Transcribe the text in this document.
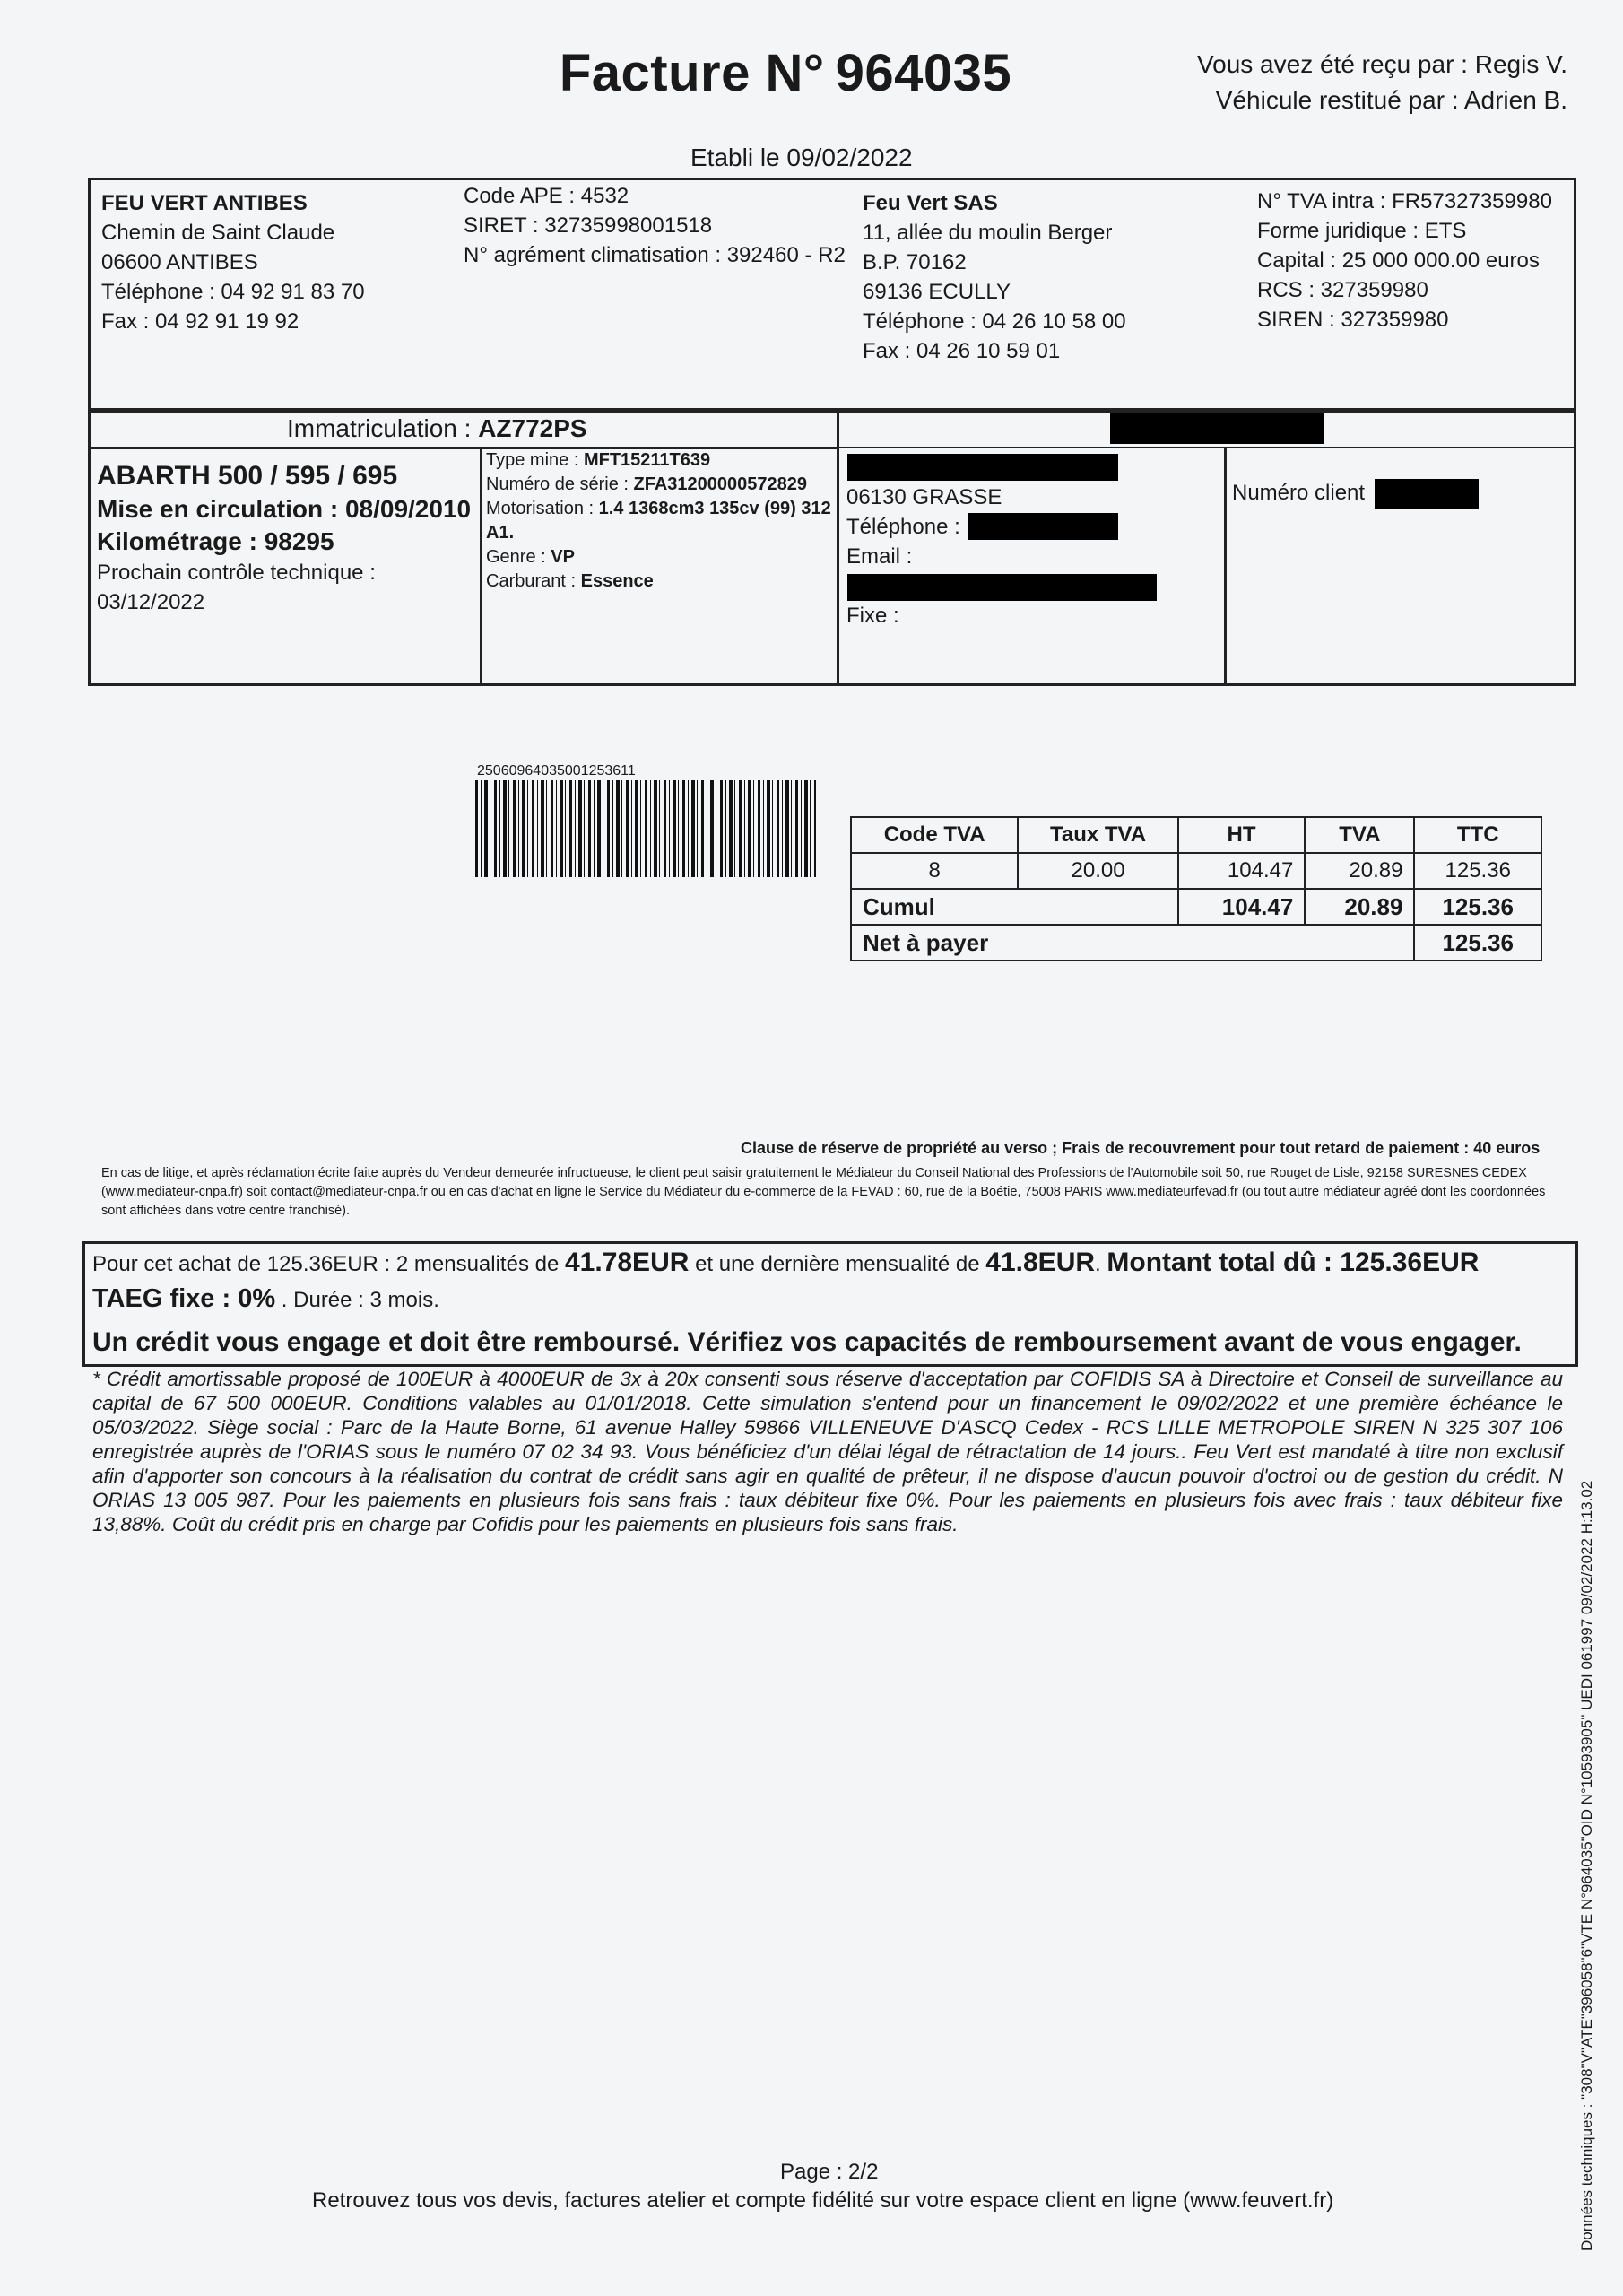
Facture N° 964035	Vous avez été reçu par : Regis V.
Véhicule restitué par : Adrien B.
Etabli le 09/02/2022
FEU VERT ANTIBES
Chemin de Saint Claude
06600 ANTIBES
Téléphone : 04 92 91 83 70
Fax : 04 92 91 19 92
Code APE : 4532
SIRET : 32735998001518
N° agrément climatisation : 392460 - R2
Feu Vert SAS
11, allée du moulin Berger
B.P. 70162
69136 ECULLY
Téléphone : 04 26 10 58 00
Fax : 04 26 10 59 01
N° TVA intra : FR57327359980
Forme juridique : ETS
Capital : 25 000 000.00 euros
RCS : 327359980
SIREN : 327359980
Immatriculation : AZ772PS
ABARTH 500 / 595 / 695
Mise en circulation : 08/09/2010
Kilométrage : 98295
Prochain contrôle technique :
03/12/2022
Type mine : MFT15211T639
Numéro de série : ZFA31200000572829
Motorisation : 1.4 1368cm3 135cv (99) 312 A1.
Genre : VP
Carburant : Essence
06130 GRASSE
Téléphone :
Email :
Fixe :
Numéro client
25060964035001253611
Code TVA	Taux TVA	HT	TVA	TTC
8	20.00	104.47	20.89	125.36
Cumul		104.47	20.89	125.36
Net à payer				125.36
Clause de réserve de propriété au verso ; Frais de recouvrement pour tout retard de paiement : 40 euros
En cas de litige, et après réclamation écrite faite auprès du Vendeur demeurée infructueuse, le client peut saisir gratuitement le Médiateur du Conseil National des Professions de l'Automobile soit 50, rue Rouget de Lisle, 92158 SURESNES CEDEX (www.mediateur-cnpa.fr) soit contact@mediateur-cnpa.fr ou en cas d'achat en ligne le Service du Médiateur du e-commerce de la FEVAD : 60, rue de la Boétie, 75008 PARIS www.mediateurfevad.fr (ou tout autre médiateur agréé dont les coordonnées sont affichées dans votre centre franchisé).
Pour cet achat de 125.36EUR : 2 mensualités de 41.78EUR et une dernière mensualité de 41.8EUR. Montant total dû : 125.36EUR
TAEG fixe : 0% . Durée : 3 mois.
Un crédit vous engage et doit être remboursé. Vérifiez vos capacités de remboursement avant de vous engager.
* Crédit amortissable proposé de 100EUR à 4000EUR de 3x à 20x consenti sous réserve d'acceptation par COFIDIS SA à Directoire et Conseil de surveillance au capital de 67 500 000EUR. Conditions valables au 01/01/2018. Cette simulation s'entend pour un financement le 09/02/2022 et une première échéance le 05/03/2022. Siège social : Parc de la Haute Borne, 61 avenue Halley 59866 VILLENEUVE D'ASCQ Cedex - RCS LILLE METROPOLE SIREN N 325 307 106 enregistrée auprès de l'ORIAS sous le numéro 07 02 34 93. Vous bénéficiez d'un délai légal de rétractation de 14 jours.. Feu Vert est mandaté à titre non exclusif afin d'apporter son concours à la réalisation du contrat de crédit sans agir en qualité de prêteur, il ne dispose d'aucun pouvoir d'octroi ou de gestion du crédit. N ORIAS 13 005 987. Pour les paiements en plusieurs fois sans frais : taux débiteur fixe 0%. Pour les paiements en plusieurs fois avec frais : taux débiteur fixe 13,88%. Coût du crédit pris en charge par Cofidis pour les paiements en plusieurs fois sans frais.
Page : 2/2
Retrouvez tous vos devis, factures atelier et compte fidélité sur votre espace client en ligne (www.feuvert.fr)	Données techniques : "308"V"ATE"396058"6"VTE N°964035"OID N°10593905" UEDI 061997 09/02/2022 H:13.02
